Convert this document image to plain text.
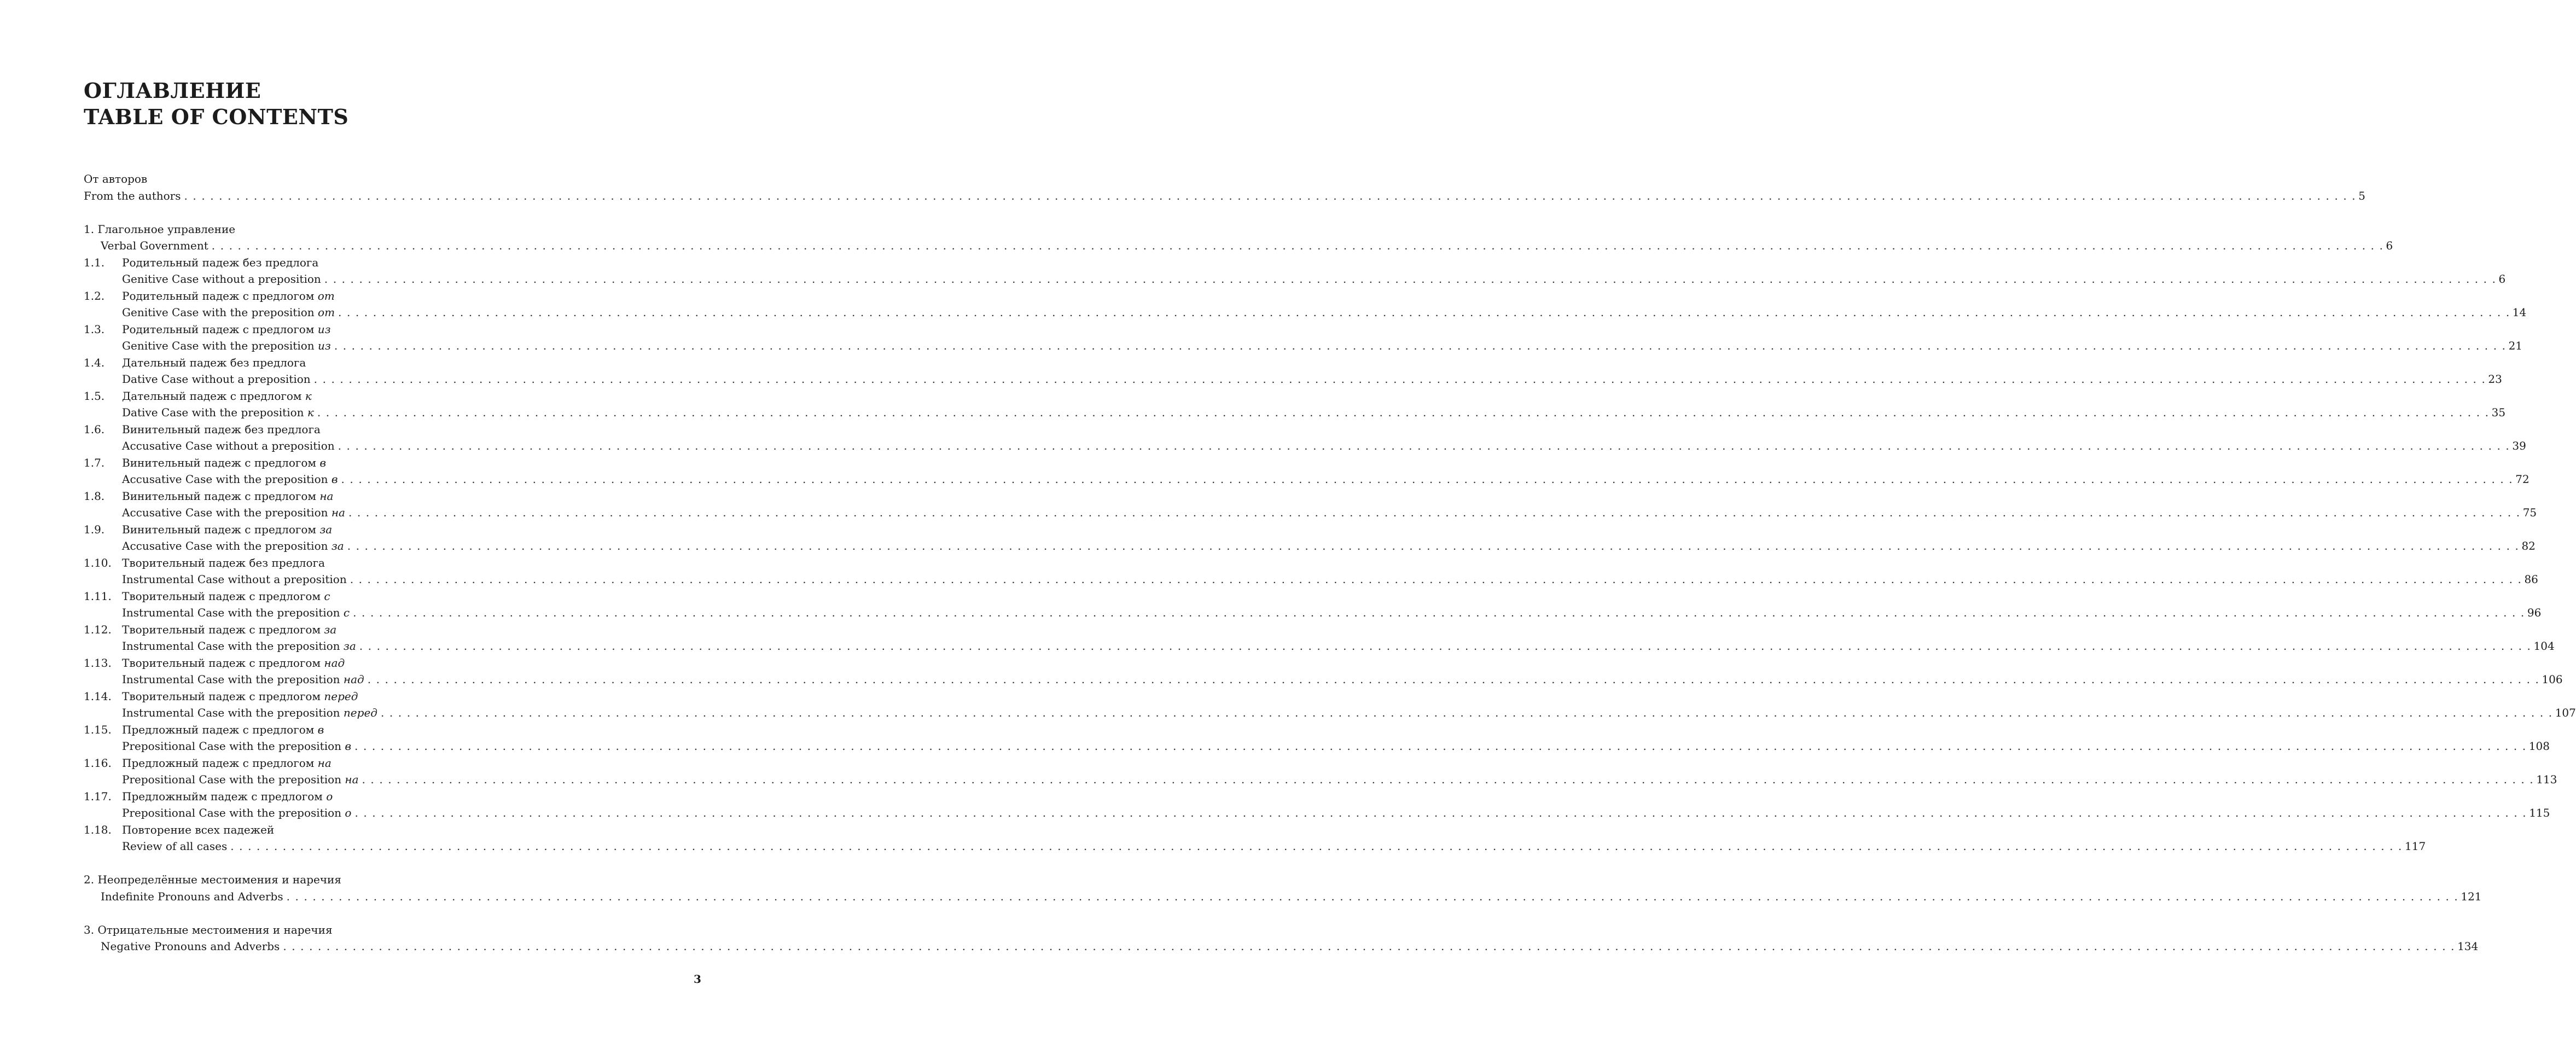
ОГЛАВЛЕНИЕ
TABLE OF CONTENTS
От авторов
From the authors . . . . . . . . . . . . . . . . . . . . . . . . . . . . . . . . . . . . . . . . . . . . . . . . . . . . . . . . . . . . . . . . . . . . . . . . . . . . . . . . . . . . . . . . . . . . . . . . . . . . . . . . . . . . . . . . . . . . . . . . . . . . . . . . . . . . . . . . . . . . . . . . . . . . . . . . . . . . . . . . . . . . . . . . . . . . . . . . . . . . . . . . . . . . . . . . . . . . . . . . . . . . . . . . . . . . . . . . . . . . . . . . . . . . . . . . . . . . . . . . . . . . . . . . . . 5
1. Глагольное управление
Verbal Government . . . . . . . . . . . . . . . . . . . . . . . . . . . . . . . . . . . . . . . . . . . . . . . . . . . . . . . . . . . . . . . . . . . . . . . . . . . . . . . . . . . . . . . . . . . . . . . . . . . . . . . . . . . . . . . . . . . . . . . . . . . . . . . . . . . . . . . . . . . . . . . . . . . . . . . . . . . . . . . . . . . . . . . . . . . . . . . . . . . . . . . . . . . . . . . . . . . . . . . . . . . . . . . . . . . . . . . . . . . . . . . . . . . . . . . . . . . . . . . . . . . . . . . . . . 6
1.1. Родительный падеж без предлога
Genitive Case without a preposition . . . . . . . . . . . . . . . . . . . . . . . . . . . . . . . . . . . . . . . . . . . . . . . . . . . . . . . . . . . . . . . . . . . . . . . . . . . . . . . . . . . . . . . . . . . . . . . . . . . . . . . . . . . . . . . . . . . . . . . . . . . . . . . . . . . . . . . . . . . . . . . . . . . . . . . . . . . . . . . . . . . . . . . . . . . . . . . . . . . . . . . . . . . . . . . . . . . . . . . . . . . . . . . . . . . . . . . . . . . . . . . . . . . . . . . . . . . . . . . . . . . . . . . . . . 6
1.2. Родительный падеж с предлогом от
Genitive Case with the preposition от . . . . . . . . . . . . . . . . . . . . . . . . . . . . . . . . . . . . . . . . . . . . . . . . . . . . . . . . . . . . . . . . . . . . . . . . . . . . . . . . . . . . . . . . . . . . . . . . . . . . . . . . . . . . . . . . . . . . . . . . . . . . . . . . . . . . . . . . . . . . . . . . . . . . . . . . . . . . . . . . . . . . . . . . . . . . . . . . . . . . . . . . . . . . . . . . . . . . . . . . . . . . . . . . . . . . . . . . . . . . . . . . . . . . . . . . . . . . . . . . . . . . . . . . . . 14
1.3. Родительный падеж с предлогом из
Genitive Case with the preposition из . . . . . . . . . . . . . . . . . . . . . . . . . . . . . . . . . . . . . . . . . . . . . . . . . . . . . . . . . . . . . . . . . . . . . . . . . . . . . . . . . . . . . . . . . . . . . . . . . . . . . . . . . . . . . . . . . . . . . . . . . . . . . . . . . . . . . . . . . . . . . . . . . . . . . . . . . . . . . . . . . . . . . . . . . . . . . . . . . . . . . . . . . . . . . . . . . . . . . . . . . . . . . . . . . . . . . . . . . . . . . . . . . . . . . . . . . . . . . . . . . . . . . . . . . . 21
1.4. Дательный падеж без предлога
Dative Case without a preposition . . . . . . . . . . . . . . . . . . . . . . . . . . . . . . . . . . . . . . . . . . . . . . . . . . . . . . . . . . . . . . . . . . . . . . . . . . . . . . . . . . . . . . . . . . . . . . . . . . . . . . . . . . . . . . . . . . . . . . . . . . . . . . . . . . . . . . . . . . . . . . . . . . . . . . . . . . . . . . . . . . . . . . . . . . . . . . . . . . . . . . . . . . . . . . . . . . . . . . . . . . . . . . . . . . . . . . . . . . . . . . . . . . . . . . . . . . . . . . . . . . . . . . . . . . 23
1.5. Дательный падеж с предлогом к
Dative Case with the preposition к . . . . . . . . . . . . . . . . . . . . . . . . . . . . . . . . . . . . . . . . . . . . . . . . . . . . . . . . . . . . . . . . . . . . . . . . . . . . . . . . . . . . . . . . . . . . . . . . . . . . . . . . . . . . . . . . . . . . . . . . . . . . . . . . . . . . . . . . . . . . . . . . . . . . . . . . . . . . . . . . . . . . . . . . . . . . . . . . . . . . . . . . . . . . . . . . . . . . . . . . . . . . . . . . . . . . . . . . . . . . . . . . . . . . . . . . . . . . . . . . . . . . . . . . . . 35
1.6. Винительный падеж без предлога
Accusative Case without a preposition . . . . . . . . . . . . . . . . . . . . . . . . . . . . . . . . . . . . . . . . . . . . . . . . . . . . . . . . . . . . . . . . . . . . . . . . . . . . . . . . . . . . . . . . . . . . . . . . . . . . . . . . . . . . . . . . . . . . . . . . . . . . . . . . . . . . . . . . . . . . . . . . . . . . . . . . . . . . . . . . . . . . . . . . . . . . . . . . . . . . . . . . . . . . . . . . . . . . . . . . . . . . . . . . . . . . . . . . . . . . . . . . . . . . . . . . . . . . . . . . . . . . . . . . . . 39
1.7. Винительный падеж с предлогом в
Accusative Case with the preposition в . . . . . . . . . . . . . . . . . . . . . . . . . . . . . . . . . . . . . . . . . . . . . . . . . . . . . . . . . . . . . . . . . . . . . . . . . . . . . . . . . . . . . . . . . . . . . . . . . . . . . . . . . . . . . . . . . . . . . . . . . . . . . . . . . . . . . . . . . . . . . . . . . . . . . . . . . . . . . . . . . . . . . . . . . . . . . . . . . . . . . . . . . . . . . . . . . . . . . . . . . . . . . . . . . . . . . . . . . . . . . . . . . . . . . . . . . . . . . . . . . . . . . . . . . . 72
1.8. Винительный падеж с предлогом на
Accusative Case with the preposition на . . . . . . . . . . . . . . . . . . . . . . . . . . . . . . . . . . . . . . . . . . . . . . . . . . . . . . . . . . . . . . . . . . . . . . . . . . . . . . . . . . . . . . . . . . . . . . . . . . . . . . . . . . . . . . . . . . . . . . . . . . . . . . . . . . . . . . . . . . . . . . . . . . . . . . . . . . . . . . . . . . . . . . . . . . . . . . . . . . . . . . . . . . . . . . . . . . . . . . . . . . . . . . . . . . . . . . . . . . . . . . . . . . . . . . . . . . . . . . . . . . . . . . . . . . 75
1.9. Винительный падеж с предлогом за
Accusative Case with the preposition за . . . . . . . . . . . . . . . . . . . . . . . . . . . . . . . . . . . . . . . . . . . . . . . . . . . . . . . . . . . . . . . . . . . . . . . . . . . . . . . . . . . . . . . . . . . . . . . . . . . . . . . . . . . . . . . . . . . . . . . . . . . . . . . . . . . . . . . . . . . . . . . . . . . . . . . . . . . . . . . . . . . . . . . . . . . . . . . . . . . . . . . . . . . . . . . . . . . . . . . . . . . . . . . . . . . . . . . . . . . . . . . . . . . . . . . . . . . . . . . . . . . . . . . . . . 82
1.10. Творительный падеж без предлога
Instrumental Case without a preposition . . . . . . . . . . . . . . . . . . . . . . . . . . . . . . . . . . . . . . . . . . . . . . . . . . . . . . . . . . . . . . . . . . . . . . . . . . . . . . . . . . . . . . . . . . . . . . . . . . . . . . . . . . . . . . . . . . . . . . . . . . . . . . . . . . . . . . . . . . . . . . . . . . . . . . . . . . . . . . . . . . . . . . . . . . . . . . . . . . . . . . . . . . . . . . . . . . . . . . . . . . . . . . . . . . . . . . . . . . . . . . . . . . . . . . . . . . . . . . . . . . . . . . . . . . 86
1.11. Творительный падеж с предлогом с
Instrumental Case with the preposition с . . . . . . . . . . . . . . . . . . . . . . . . . . . . . . . . . . . . . . . . . . . . . . . . . . . . . . . . . . . . . . . . . . . . . . . . . . . . . . . . . . . . . . . . . . . . . . . . . . . . . . . . . . . . . . . . . . . . . . . . . . . . . . . . . . . . . . . . . . . . . . . . . . . . . . . . . . . . . . . . . . . . . . . . . . . . . . . . . . . . . . . . . . . . . . . . . . . . . . . . . . . . . . . . . . . . . . . . . . . . . . . . . . . . . . . . . . . . . . . . . . . . . . . . . . 96
1.12. Творительный падеж с предлогом за
Instrumental Case with the preposition за . . . . . . . . . . . . . . . . . . . . . . . . . . . . . . . . . . . . . . . . . . . . . . . . . . . . . . . . . . . . . . . . . . . . . . . . . . . . . . . . . . . . . . . . . . . . . . . . . . . . . . . . . . . . . . . . . . . . . . . . . . . . . . . . . . . . . . . . . . . . . . . . . . . . . . . . . . . . . . . . . . . . . . . . . . . . . . . . . . . . . . . . . . . . . . . . . . . . . . . . . . . . . . . . . . . . . . . . . . . . . . . . . . . . . . . . . . . . . . . . . . . . . . . . . . 104
1.13. Творительный падеж с предлогом над
Instrumental Case with the preposition над . . . . . . . . . . . . . . . . . . . . . . . . . . . . . . . . . . . . . . . . . . . . . . . . . . . . . . . . . . . . . . . . . . . . . . . . . . . . . . . . . . . . . . . . . . . . . . . . . . . . . . . . . . . . . . . . . . . . . . . . . . . . . . . . . . . . . . . . . . . . . . . . . . . . . . . . . . . . . . . . . . . . . . . . . . . . . . . . . . . . . . . . . . . . . . . . . . . . . . . . . . . . . . . . . . . . . . . . . . . . . . . . . . . . . . . . . . . . . . . . . . . . . . . . . . 106
1.14. Творительный падеж с предлогом перед
Instrumental Case with the preposition перед . . . . . . . . . . . . . . . . . . . . . . . . . . . . . . . . . . . . . . . . . . . . . . . . . . . . . . . . . . . . . . . . . . . . . . . . . . . . . . . . . . . . . . . . . . . . . . . . . . . . . . . . . . . . . . . . . . . . . . . . . . . . . . . . . . . . . . . . . . . . . . . . . . . . . . . . . . . . . . . . . . . . . . . . . . . . . . . . . . . . . . . . . . . . . . . . . . . . . . . . . . . . . . . . . . . . . . . . . . . . . . . . . . . . . . . . . . . . . . . . . . . . . . . . . . 107
1.15. Предложный падеж с предлогом в
Prepositional Case with the preposition в . . . . . . . . . . . . . . . . . . . . . . . . . . . . . . . . . . . . . . . . . . . . . . . . . . . . . . . . . . . . . . . . . . . . . . . . . . . . . . . . . . . . . . . . . . . . . . . . . . . . . . . . . . . . . . . . . . . . . . . . . . . . . . . . . . . . . . . . . . . . . . . . . . . . . . . . . . . . . . . . . . . . . . . . . . . . . . . . . . . . . . . . . . . . . . . . . . . . . . . . . . . . . . . . . . . . . . . . . . . . . . . . . . . . . . . . . . . . . . . . . . . . . . . . . . 108
1.16. Предложный падеж с предлогом на
Prepositional Case with the preposition на . . . . . . . . . . . . . . . . . . . . . . . . . . . . . . . . . . . . . . . . . . . . . . . . . . . . . . . . . . . . . . . . . . . . . . . . . . . . . . . . . . . . . . . . . . . . . . . . . . . . . . . . . . . . . . . . . . . . . . . . . . . . . . . . . . . . . . . . . . . . . . . . . . . . . . . . . . . . . . . . . . . . . . . . . . . . . . . . . . . . . . . . . . . . . . . . . . . . . . . . . . . . . . . . . . . . . . . . . . . . . . . . . . . . . . . . . . . . . . . . . . . . . . . . . . 113
1.17. Предложныйм падеж с предлогом о
Prepositional Case with the preposition о . . . . . . . . . . . . . . . . . . . . . . . . . . . . . . . . . . . . . . . . . . . . . . . . . . . . . . . . . . . . . . . . . . . . . . . . . . . . . . . . . . . . . . . . . . . . . . . . . . . . . . . . . . . . . . . . . . . . . . . . . . . . . . . . . . . . . . . . . . . . . . . . . . . . . . . . . . . . . . . . . . . . . . . . . . . . . . . . . . . . . . . . . . . . . . . . . . . . . . . . . . . . . . . . . . . . . . . . . . . . . . . . . . . . . . . . . . . . . . . . . . . . . . . . . . 115
1.18. Повторение всех падежей
Review of all cases . . . . . . . . . . . . . . . . . . . . . . . . . . . . . . . . . . . . . . . . . . . . . . . . . . . . . . . . . . . . . . . . . . . . . . . . . . . . . . . . . . . . . . . . . . . . . . . . . . . . . . . . . . . . . . . . . . . . . . . . . . . . . . . . . . . . . . . . . . . . . . . . . . . . . . . . . . . . . . . . . . . . . . . . . . . . . . . . . . . . . . . . . . . . . . . . . . . . . . . . . . . . . . . . . . . . . . . . . . . . . . . . . . . . . . . . . . . . . . . . . . . . . . . . . . 117
2. Неопределённые местоимения и наречия
Indefinite Pronouns and Adverbs . . . . . . . . . . . . . . . . . . . . . . . . . . . . . . . . . . . . . . . . . . . . . . . . . . . . . . . . . . . . . . . . . . . . . . . . . . . . . . . . . . . . . . . . . . . . . . . . . . . . . . . . . . . . . . . . . . . . . . . . . . . . . . . . . . . . . . . . . . . . . . . . . . . . . . . . . . . . . . . . . . . . . . . . . . . . . . . . . . . . . . . . . . . . . . . . . . . . . . . . . . . . . . . . . . . . . . . . . . . . . . . . . . . . . . . . . . . . . . . . . . . . . . . . . . 121
3. Отрицательные местоимения и наречия
Negative Pronouns and Adverbs . . . . . . . . . . . . . . . . . . . . . . . . . . . . . . . . . . . . . . . . . . . . . . . . . . . . . . . . . . . . . . . . . . . . . . . . . . . . . . . . . . . . . . . . . . . . . . . . . . . . . . . . . . . . . . . . . . . . . . . . . . . . . . . . . . . . . . . . . . . . . . . . . . . . . . . . . . . . . . . . . . . . . . . . . . . . . . . . . . . . . . . . . . . . . . . . . . . . . . . . . . . . . . . . . . . . . . . . . . . . . . . . . . . . . . . . . . . . . . . . . . . . . . . . . . 134
3
